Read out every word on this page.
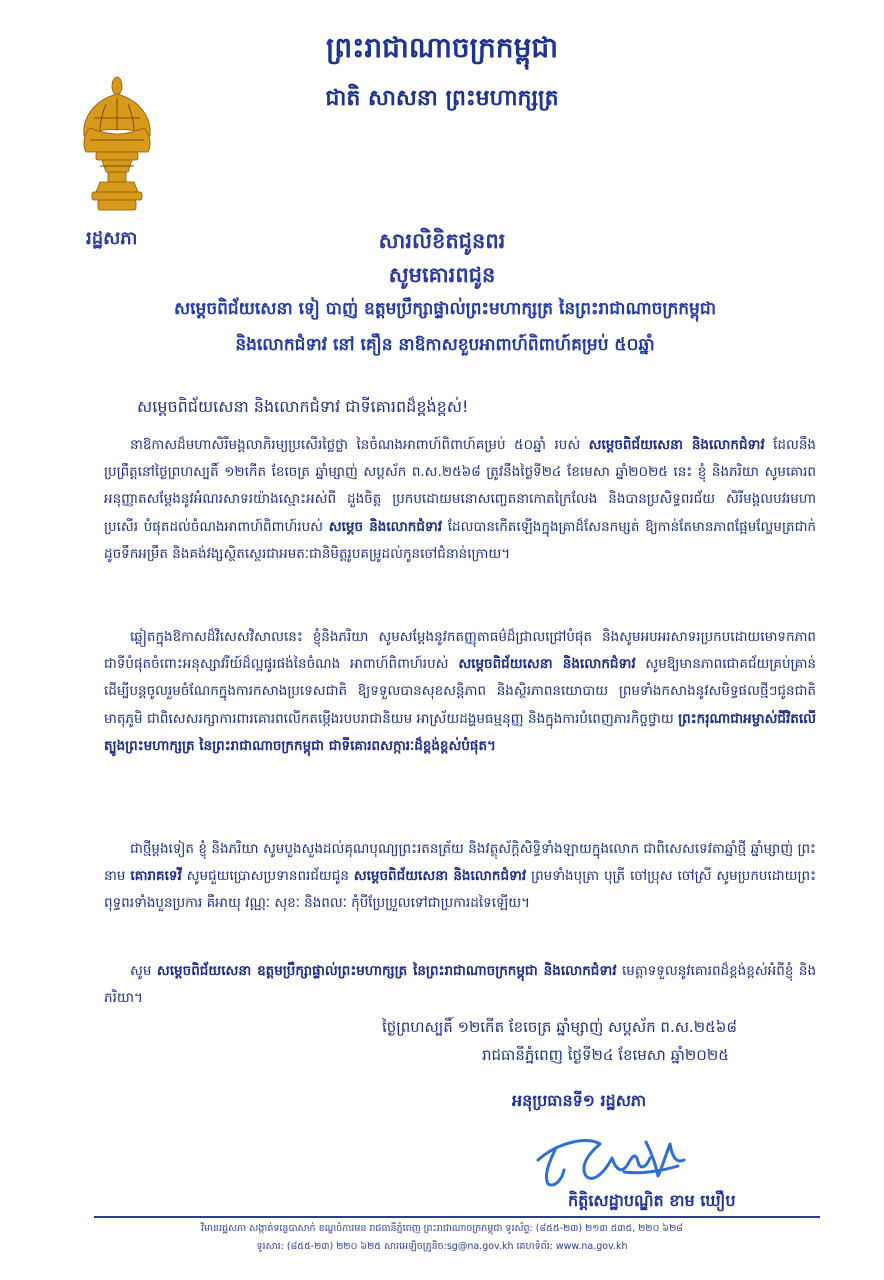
ព្រះរាជាណាចក្រកម្ពុជា
ជាតិ សាសនា ព្រះមហាក្សត្រ
រដ្ឋសភា	សារលិខិតជូនពរ
សូមគោរពជូន
សម្តេចពិជ័យសេនា ទៀ បាញ់ ឧត្តមប្រឹក្សាផ្ទាល់ព្រះមហាក្សត្រ នៃព្រះរាជាណាចក្រកម្ពុជា
និងលោកជំទាវ នៅ គឿន នាឱកាសខួបអាពាហ៍ពិពាហ៍គម្រប់ ៥០ឆ្នាំ
សម្តេចពិជ័យសេនា និងលោកជំទាវ ជាទីគោរពដ៏ខ្ពង់ខ្ពស់!
នាឱកាសដ៏មហាសិរីមង្គលាភិរម្យប្រសើរថ្លៃថ្លា នៃចំណងអាពាហ៍ពិពាហ៍គម្រប់ ៥០ឆ្នាំ របស់ សម្តេចពិជ័យសេនា និងលោកជំទាវ ដែលនឹងប្រព្រឹត្តនៅថ្ងៃព្រហស្បតិ៍ ១២កើត ខែចេត្រ ឆ្នាំម្សាញ់ សប្តស័ក ព.ស.២៥៦៨ ត្រូវនឹងថ្ងៃទី២៤ ខែមេសា ឆ្នាំ២០២៥ នេះ ខ្ញុំ និងភរិយា សូមគោរពអនុញ្ញាតសម្តែងនូវអំណរសាទរយ៉ាងស្មោះអស់ពី ដួងចិត្ត ប្រកបដោយមនោសញ្ចេតនាកោតក្រៃលែង និងបានប្រសិទ្ធពរជ័យ សិរីមង្គលបវរមហាប្រសើរ បំផុតដល់ចំណងអាពាហ៍ពិពាហ៍របស់ សម្តេច និងលោកជំទាវ ដែលបានកើតឡើងក្នុងគ្រាដ៏សែនកម្សត់ ឱ្យកាន់តែមានភាពផ្អែមល្ហែមត្រជាក់ដូចទឹកអម្រឹត និងគង់វង្សស្ថិតស្ថេរជាអមតៈជានិមិត្តរូបគម្រូដល់កូនចៅជំនាន់ក្រោយ។
ឆ្លៀតក្នុងឱកាសដ៏វិសេសវិសាលនេះ ខ្ញុំនិងភរិយា សូមសម្តែងនូវកតញ្ញុតាធម៌ដ៏ជ្រាលជ្រៅបំផុត និងសូមអបអរសាទរប្រកបដោយមោទកភាពជាទីបំផុតចំពោះអនុស្សាវរីយ៍ដ៏ល្អផូរផង់នៃចំណង អាពាហ៍ពិពាហ៍របស់ សម្តេចពិជ័យសេនា និងលោកជំទាវ សូមឱ្យមានភាពជោគជ័យគ្រប់គ្រាន់ ដើម្បីបន្តចូលរួមចំណែកក្នុងការកសាងប្រទេសជាតិ ឱ្យទទួលបានសុខសន្តិភាព និងស្ថិរភាពនយោបាយ ព្រមទាំងកសាងនូវសមិទ្ធផលថ្មីៗជូនជាតិមាតុភូមិ ជាពិសេសរក្សាការពារគោរពលើកតម្កើងរបបរាជានិយម អាស្រ័យដង្ហមធម្មនុញ្ញ និងក្នុងការបំពេញភារកិច្ចថ្វាយ ព្រះករុណាជាអម្ចាស់ជីវិតលើត្បូងព្រះមហាក្សត្រ នៃព្រះរាជាណាចក្រកម្ពុជា ជាទីគោរពសក្ការៈដ៏ខ្ពង់ខ្ពស់បំផុត។
ជាថ្មីម្តងទៀត ខ្ញុំ និងភរិយា សូមបួងសួងដល់គុណបុណ្យព្រះរតនត្រ័យ និងវត្ថុស័ក្តិសិទ្ធិទាំងឡាយក្នុងលោក ជាពិសេសទេវតាឆ្នាំថ្មី ឆ្នាំម្សាញ់ ព្រះនាម គោរាគទេវី សូមជួយប្រោសប្រទានពរជ័យជូន សម្តេចពិជ័យសេនា និងលោកជំទាវ ព្រមទាំងបុត្រា បុត្រី ចៅប្រុស ចៅស្រី សូមប្រកបដោយព្រះពុទ្ធពរទាំងបួនប្រការ គឺអាយុ វណ្ណៈ សុខៈ និងពលៈ កុំបីប្រែប្រួលទៅជាប្រការដទៃឡើយ។
សូម សម្តេចពិជ័យសេនា ឧត្តមប្រឹក្សាផ្ទាល់ព្រះមហាក្សត្រ នៃព្រះរាជាណាចក្រកម្ពុជា និងលោកជំទាវ មេត្តាទទួលនូវគោរពដ៏ខ្ពង់ខ្ពស់អំពីខ្ញុំ និងភរិយា។
ថ្ងៃព្រហស្បតិ៍ ១២កើត ខែចេត្រ ឆ្នាំម្សាញ់ សប្តស័ក ព.ស.២៥៦៨
រាជធានីភ្នំពេញ ថ្ងៃទី២៤ ខែមេសា ឆ្នាំ២០២៥
អនុប្រធានទី១ រដ្ឋសភា
កិត្តិសេដ្ឋាបណ្ឌិត ខាម ឃឿប
វិមានរដ្ឋសភា សង្កាត់ទន្លេបាសាក់ ខណ្ឌចំការមន រាជធានីភ្នំពេញ ព្រះរាជាណាចក្រកម្ពុជា ទូរស័ព្ទ: (៨៥៥-២៣) ២១៣ ៥៣៥, ២២០ ៦២៨
ទូរសារ: (៨៥៥-២៣) ២២០ ៦២៥ សារអេឡិចត្រូនិច:sg@na.gov.kh គេហទំព័រ: www.na.gov.kh
